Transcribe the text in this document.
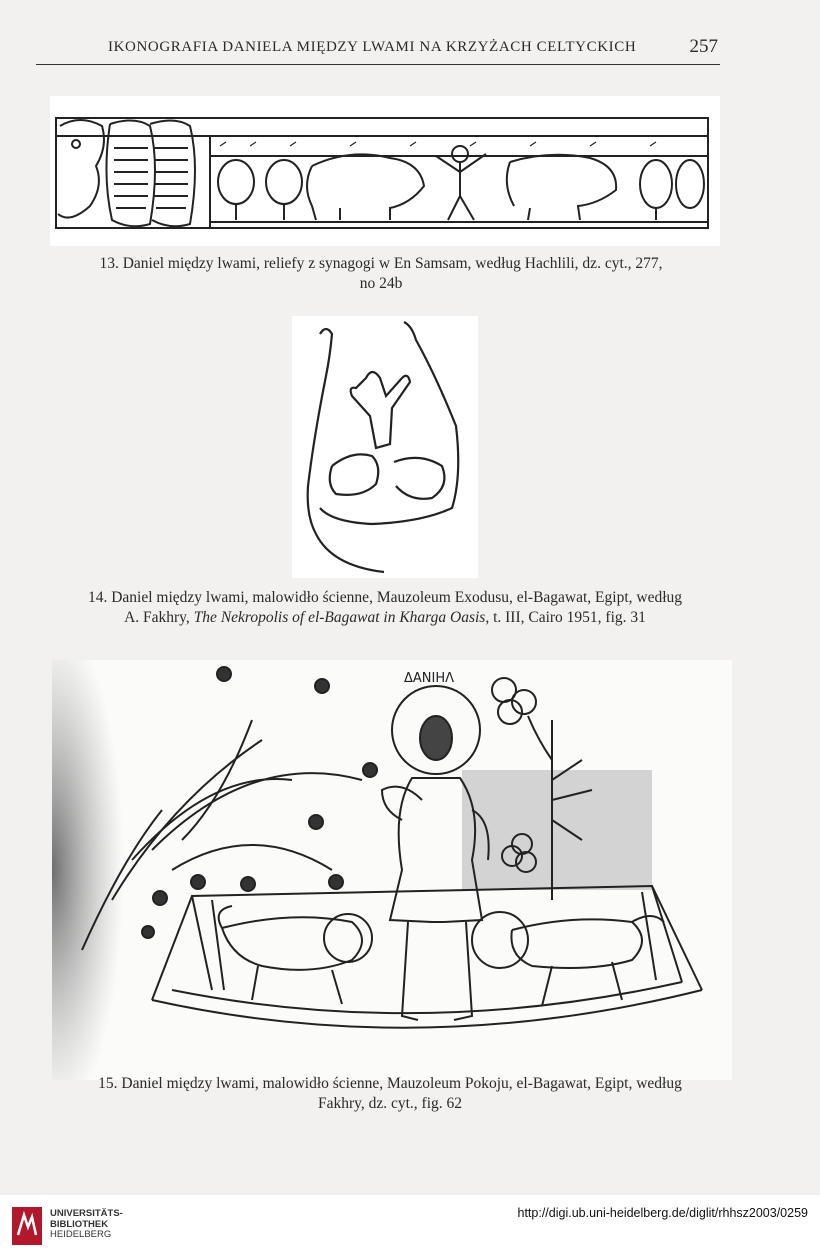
IKONOGRAFIA DANIELA MIĘDZY LWAMI NA KRZYŻACH CELTYCKICH	257
13. Daniel między lwami, reliefy z synagogi w En Samsam, według Hachlili, dz. cyt., 277,
no 24b
14. Daniel między lwami, malowidło ścienne, Mauzoleum Exodusu, el-Bagawat, Egipt, według
A. Fakhry, The Nekropolis of el-Bagawat in Kharga Oasis, t. III, Cairo 1951, fig. 31
ΔΑΝΙΗΛ
15. Daniel między lwami, malowidło ścienne, Mauzoleum Pokoju, el-Bagawat, Egipt, według
Fakhry, dz. cyt., fig. 62
UNIVERSITÄTS-
BIBLIOTHEK
HEIDELBERG
http://digi.ub.uni-heidelberg.de/diglit/rhhsz2003/0259
